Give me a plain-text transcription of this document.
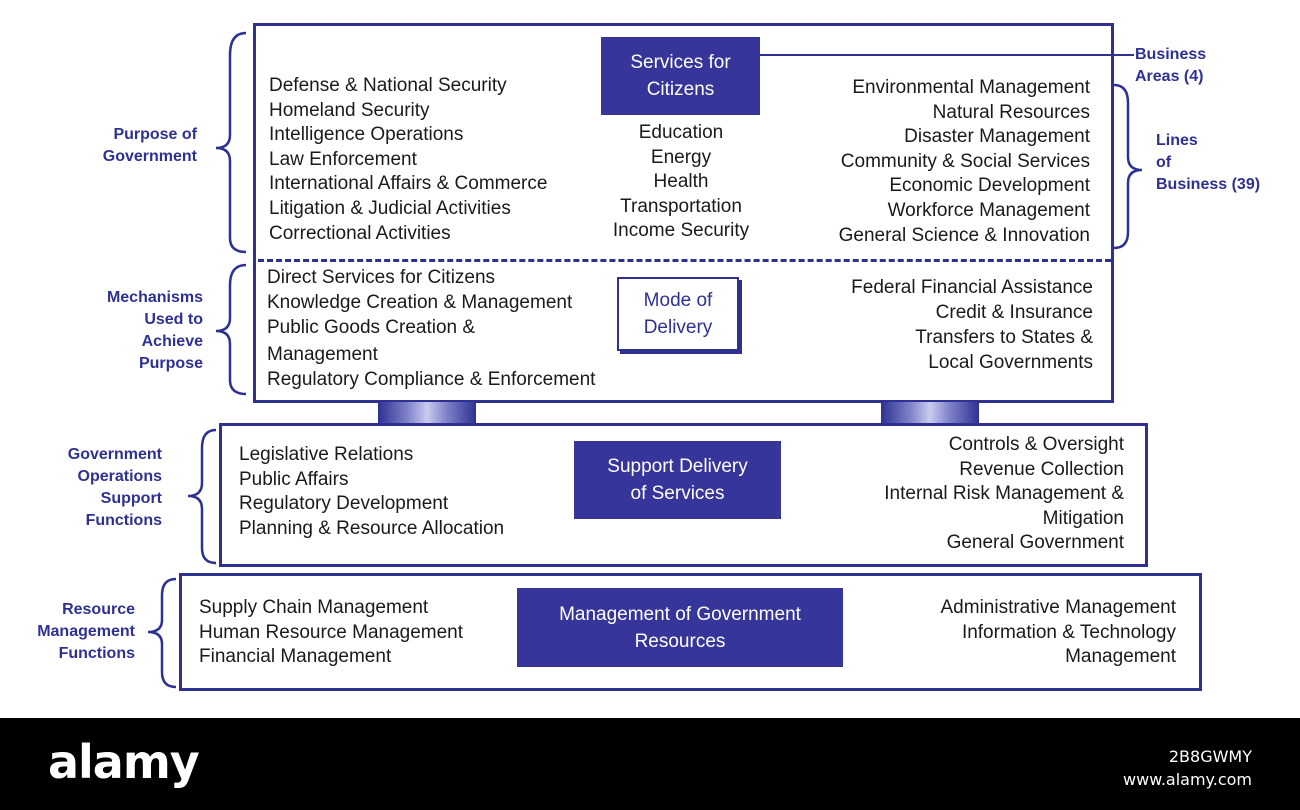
Services for
Citizens
Defense & National Security
Homeland Security
Intelligence Operations
Law Enforcement
International Affairs & Commerce
Litigation & Judicial Activities
Correctional Activities
Education
Energy
Health
Transportation
Income Security
Environmental Management
Natural Resources
Disaster Management
Community & Social Services
Economic Development
Workforce Management
General Science & Innovation
Direct Services for Citizens
Knowledge Creation & Management
Public Goods Creation &
Management
Regulatory Compliance & Enforcement
Mode of
Delivery
Federal Financial Assistance
Credit & Insurance
Transfers to States &
Local Governments
Legislative Relations
Public Affairs
Regulatory Development
Planning & Resource Allocation
Support Delivery
of Services
Controls & Oversight
Revenue Collection
Internal Risk Management &
Mitigation
General Government
Supply Chain Management
Human Resource Management
Financial Management
Management of Government
Resources
Administrative Management
Information & Technology
Management
Purpose of
Government
Mechanisms
Used to
Achieve
Purpose
Government
Operations
Support
Functions
Resource
Management
Functions
Business
Areas (4)
Lines
of
Business (39)
alamy	2B8GWMY
www.alamy.com
